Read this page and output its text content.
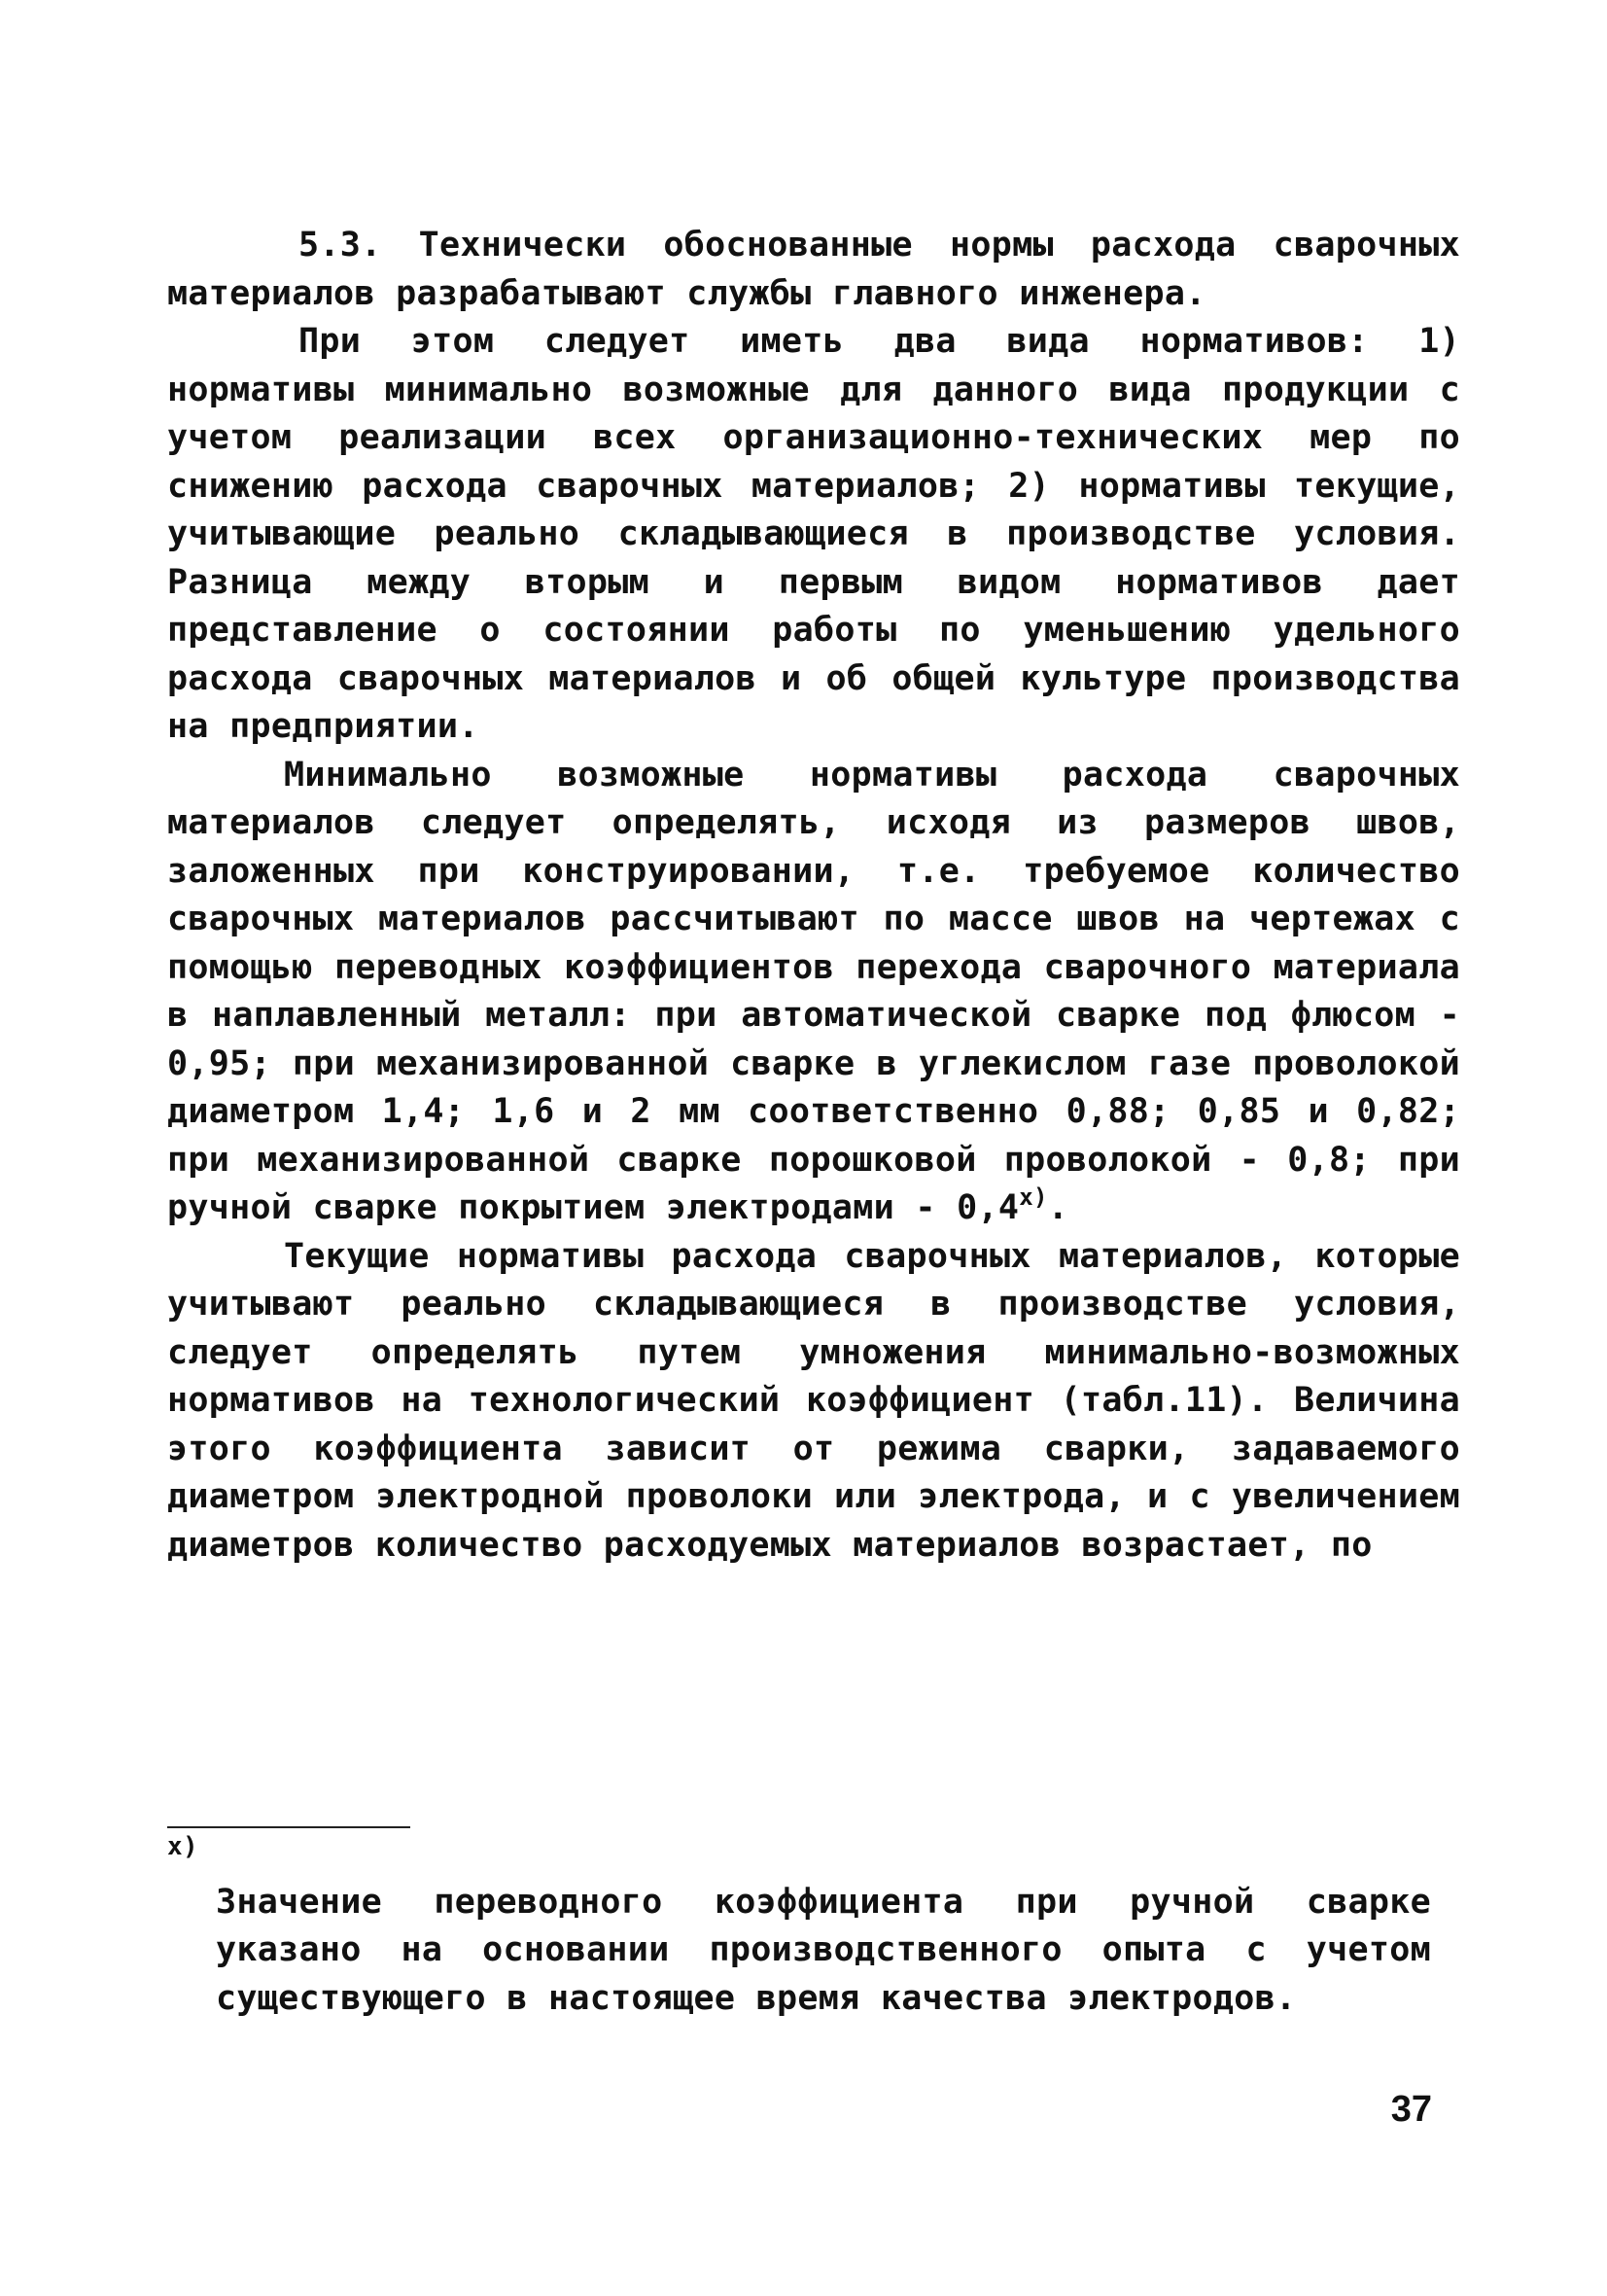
5.3. Технически обоснованные нормы расхода сварочных материалов разрабатывают службы главного инженера.

При этом следует иметь два вида нормативов: 1) нормативы минимально возможные для данного вида продукции с учетом реализации всех организационно-технических мер по снижению расхода сварочных материалов; 2) нормативы текущие, учитывающие реально складывающиеся в производстве условия. Разница между вторым и первым видом нормативов дает представление о состоянии работы по уменьшению удельного расхода сварочных материалов и об общей культуре производства на предприятии.

Минимально возможные нормативы расхода сварочных материалов следует определять, исходя из размеров швов, заложенных при конструировании, т.е. требуемое количество сварочных материалов рассчитывают по массе швов на чертежах с помощью переводных коэффициентов перехода сварочного материала в наплавленный металл: при автоматической сварке под флюсом - 0,95; при механизированной сварке в углекислом газе проволокой диаметром 1,4; 1,6 и 2 мм соответственно 0,88; 0,85 и 0,82; при механизированной сварке порошковой проволокой - 0,8; при ручной сварке покрытием электродами - 0,4$^{x)}$.

Текущие нормативы расхода сварочных материалов, которые учитывают реально складывающиеся в производстве условия, следует определять путем умножения минимально-возможных нормативов на технологический коэффициент (табл.11). Величина этого коэффициента зависит от режима сварки, задаваемого диаметром электродной проволоки или электрода, и с увеличением диаметров количество расходуемых материалов возрастает, по

$^{x)}$
Значение переводного коэффициента при ручной сварке указано на основании производственного опыта с учетом существующего в настоящее время качества электродов.
37
